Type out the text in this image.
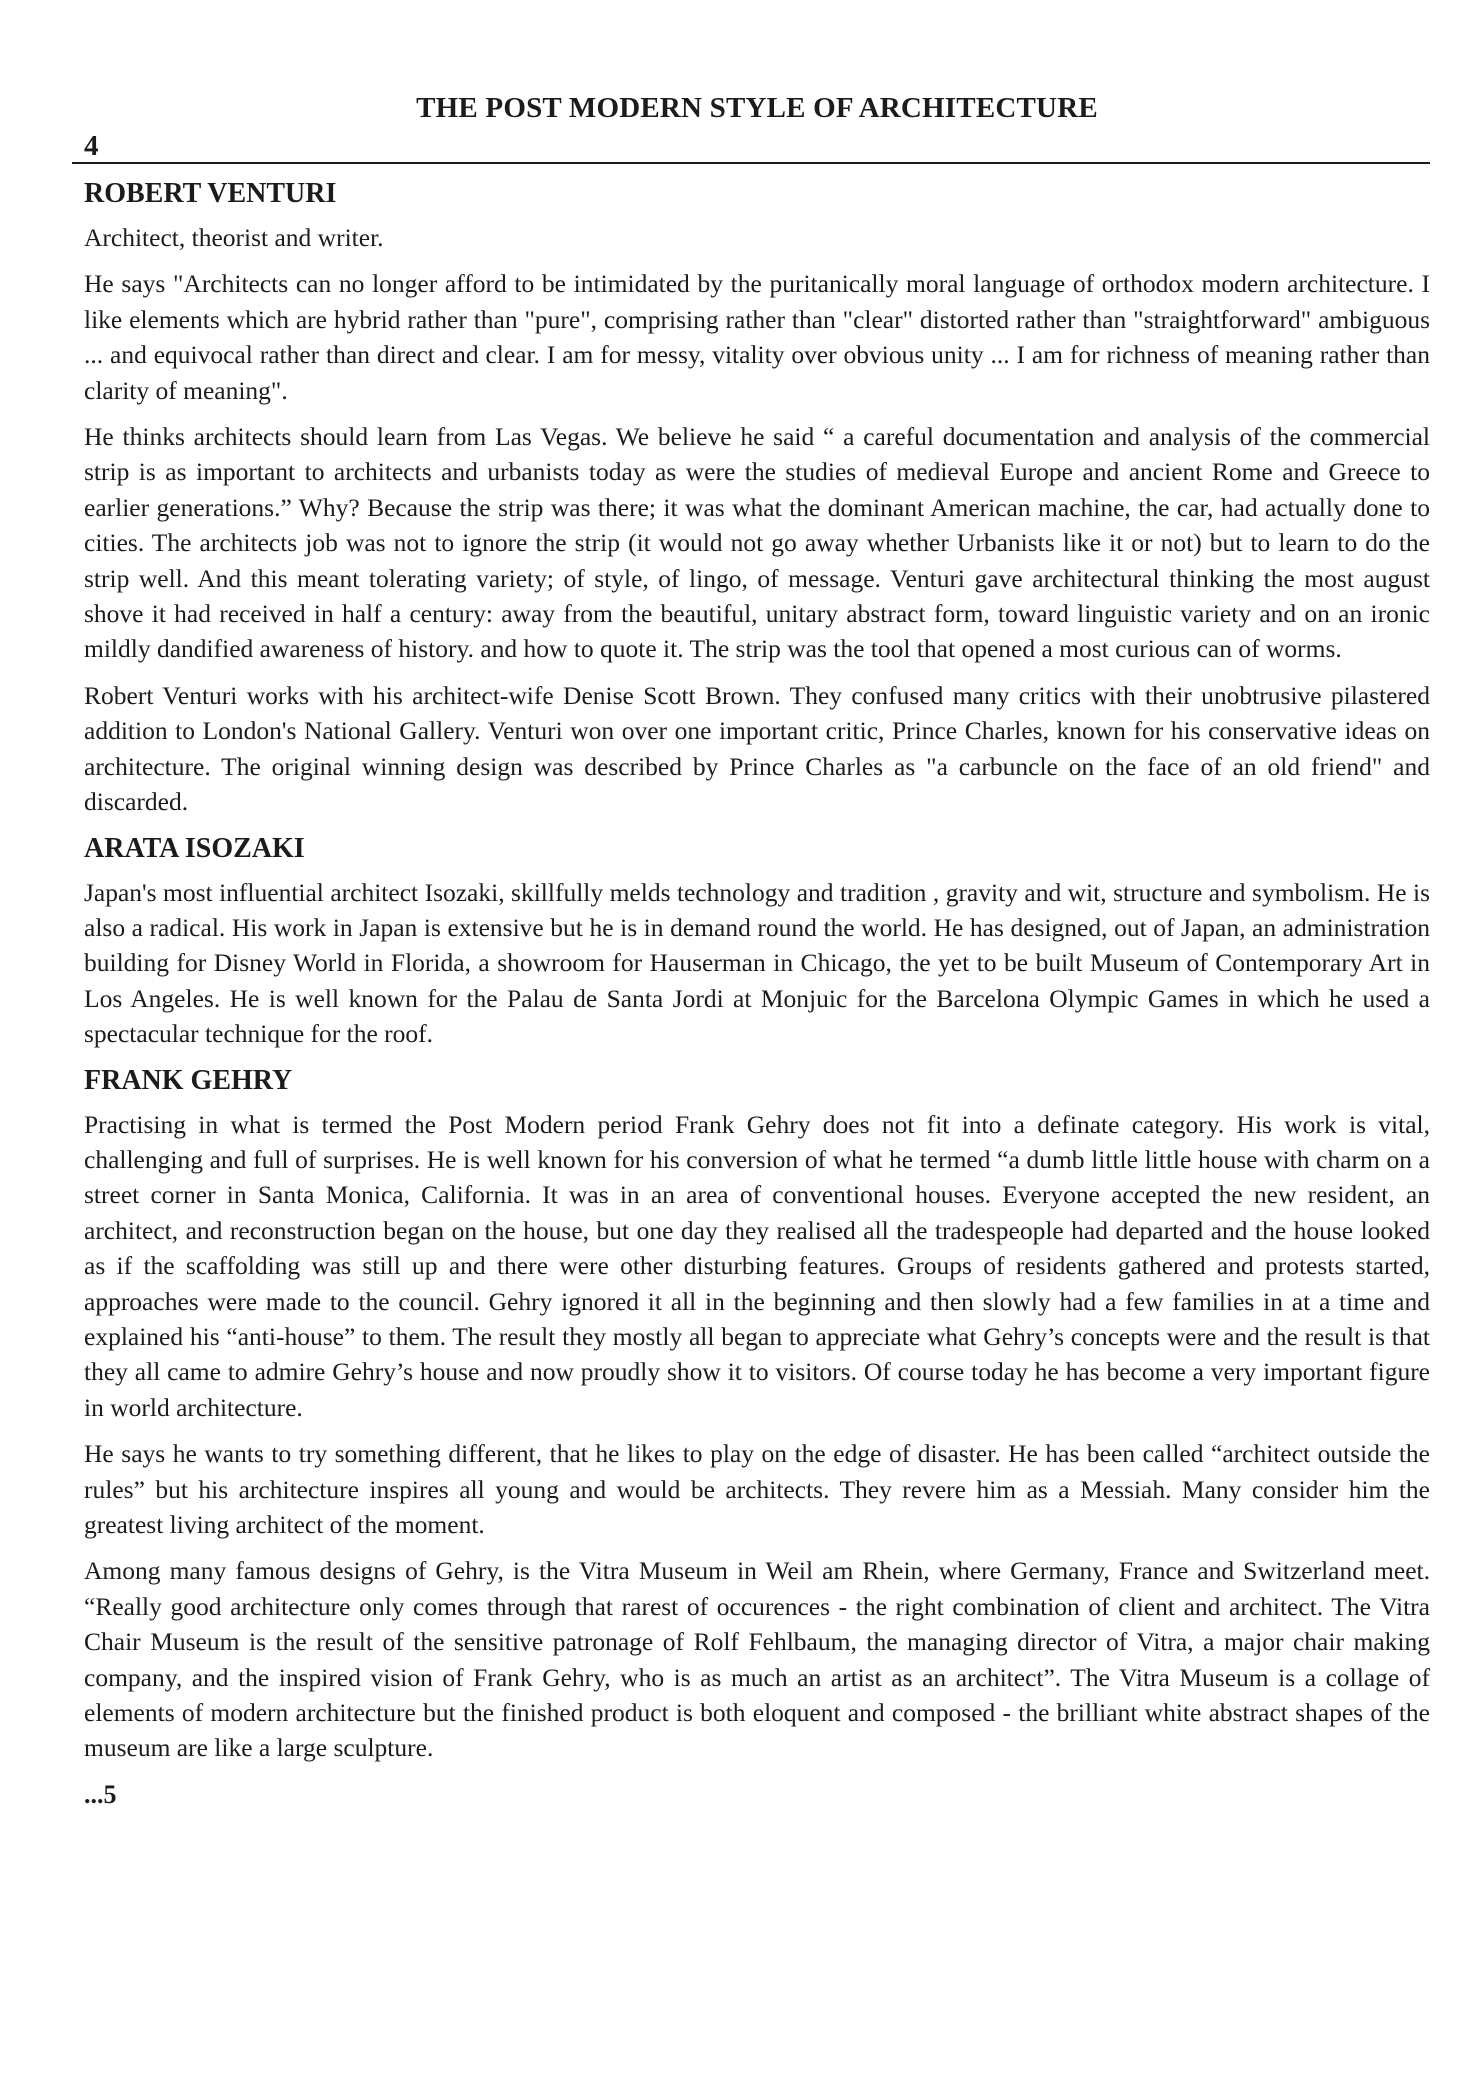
THE POST MODERN STYLE OF ARCHITECTURE

4

ROBERT VENTURI

Architect, theorist and writer.

He says "Architects can no longer afford to be intimidated by the puritanically moral language of orthodox modern architecture. I like elements which are hybrid rather than "pure", comprising rather than "clear" distorted rather than "straightforward" ambiguous ... and equivocal rather than direct and clear. I am for messy, vitality over obvious unity ... I am for richness of meaning rather than clarity of meaning".

He thinks architects should learn from Las Vegas. We believe he said “ a careful documentation and analysis of the commercial strip is as important to architects and urbanists today as were the studies of medieval Europe and ancient Rome and Greece to earlier generations.” Why? Because the strip was there; it was what the dominant American machine, the car, had actually done to cities. The architects job was not to ignore the strip (it would not go away whether Urbanists like it or not) but to learn to do the strip well. And this meant tolerating variety; of style, of lingo, of message. Venturi gave architectural thinking the most august shove it had received in half a century: away from the beautiful, unitary abstract form, toward linguistic variety and on an ironic mildly dandified awareness of history. and how to quote it. The strip was the tool that opened a most curious can of worms.

Robert Venturi works with his architect-wife Denise Scott Brown. They confused many critics with their unobtrusive pilastered addition to London's National Gallery. Venturi won over one important critic, Prince Charles, known for his conservative ideas on architecture. The original winning design was described by Prince Charles as "a carbuncle on the face of an old friend" and discarded.

ARATA ISOZAKI

Japan's most influential architect Isozaki, skillfully melds technology and tradition , gravity and wit, structure and symbolism. He is also a radical. His work in Japan is extensive but he is in demand round the world. He has designed, out of Japan, an administration building for Disney World in Florida, a showroom for Hauserman in Chicago, the yet to be built Museum of Contemporary Art in Los Angeles. He is well known for the Palau de Santa Jordi at Monjuic for the Barcelona Olympic Games in which he used a spectacular technique for the roof.

FRANK GEHRY

Practising in what is termed the Post Modern period Frank Gehry does not fit into a definate category. His work is vital, challenging and full of surprises. He is well known for his conversion of what he termed “a dumb little little house with charm on a street corner in Santa Monica, California. It was in an area of conventional houses. Everyone accepted the new resident, an architect, and reconstruction began on the house, but one day they realised all the tradespeople had departed and the house looked as if the scaffolding was still up and there were other disturbing features. Groups of residents gathered and protests started, approaches were made to the council. Gehry ignored it all in the beginning and then slowly had a few families in at a time and explained his “anti-house” to them. The result they mostly all began to appreciate what Gehry’s concepts were and the result is that they all came to admire Gehry’s house and now proudly show it to visitors. Of course today he has become a very important figure in world architecture.

He says he wants to try something different, that he likes to play on the edge of disaster. He has been called “architect outside the rules” but his architecture inspires all young and would be architects. They revere him as a Messiah. Many consider him the greatest living architect of the moment.

Among many famous designs of Gehry, is the Vitra Museum in Weil am Rhein, where Germany, France and Switzerland meet. “Really good architecture only comes through that rarest of occurences - the right combination of client and architect. The Vitra Chair Museum is the result of the sensitive patronage of Rolf Fehlbaum, the managing director of Vitra, a major chair making company, and the inspired vision of Frank Gehry, who is as much an artist as an architect”. The Vitra Museum is a collage of elements of modern architecture but the finished product is both eloquent and composed - the brilliant white abstract shapes of the museum are like a large sculpture.

...5
